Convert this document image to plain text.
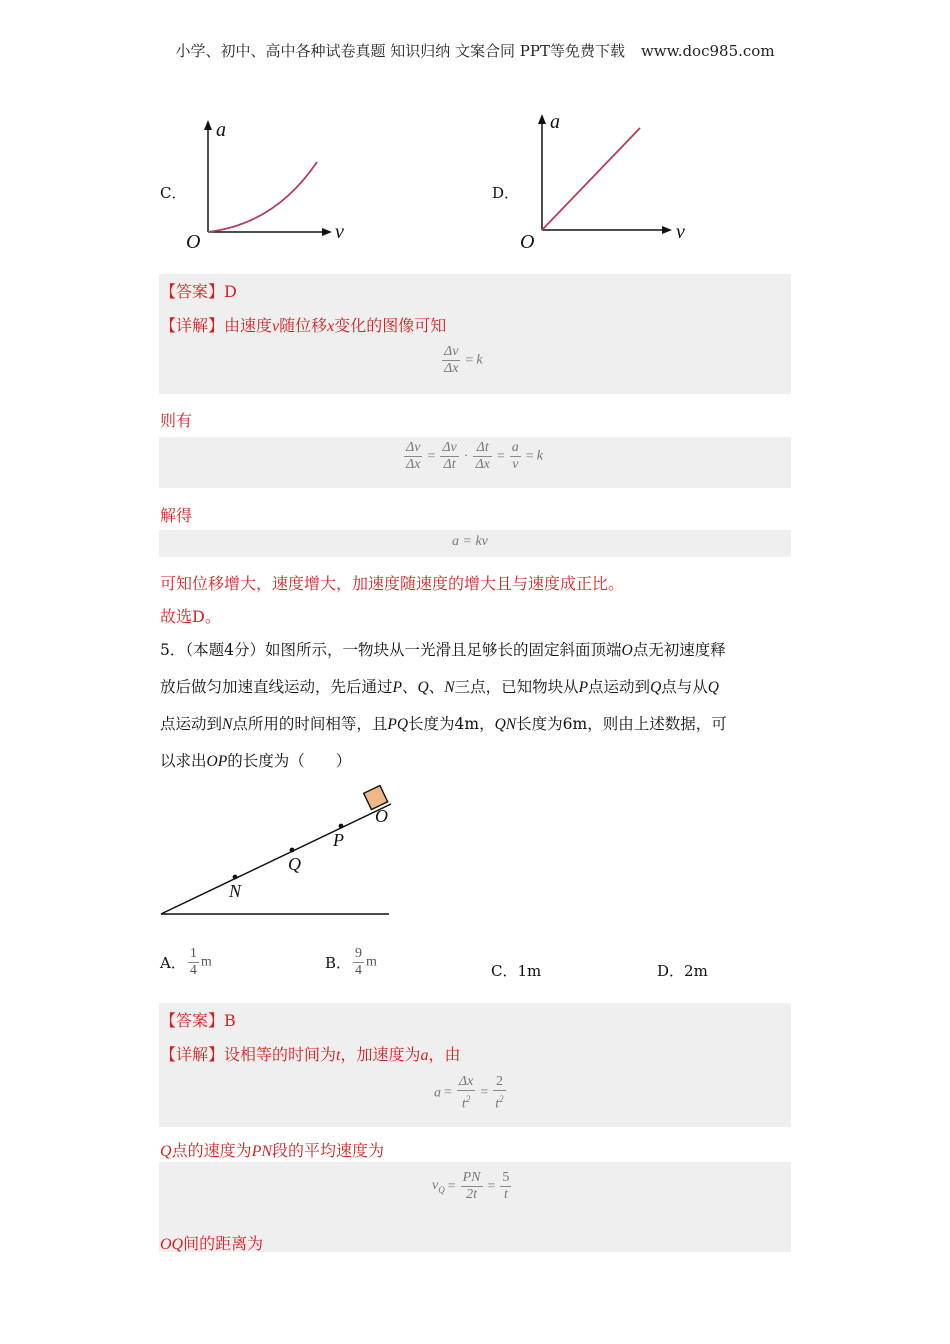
小学、初中、高中各种试卷真题 知识归纳 文案合同 PPT等免费下载 www.doc985.com
C．
a
v
O
D．
a
v
O
【答案】D
【详解】由速度v随位移x变化的图像可知
$\frac{\Delta v}{\Delta x} = k$
则有
$\frac{\Delta v}{\Delta x} = \frac{\Delta v}{\Delta t} \cdot \frac{\Delta t}{\Delta x} = \frac{a}{v} = k$
解得
a = kv
可知位移增大，速度增大，加速度随速度的增大且与速度成正比。
故选D。
5．（本题4分）如图所示，一物块从一光滑且足够长的固定斜面顶端O点无初速度释
放后做匀加速直线运动，先后通过P、Q、N三点，已知物块从P点运动到Q点与从Q
点运动到N点所用的时间相等，且PQ长度为4m，QN长度为6m，则由上述数据，可
以求出OP的长度为（　　）
O
P
Q
N
A． $\frac{1}{4}$ m	B． $\frac{9}{4}$ m	C．1m	D．2m
【答案】B
【详解】设相等的时间为t，加速度为a，由
$a = \frac{\Delta x}{t^2} = \frac{2}{t^2}$
Q点的速度为PN段的平均速度为
$v_Q = \frac{PN}{2t} = \frac{5}{t}$
OQ间的距离为
